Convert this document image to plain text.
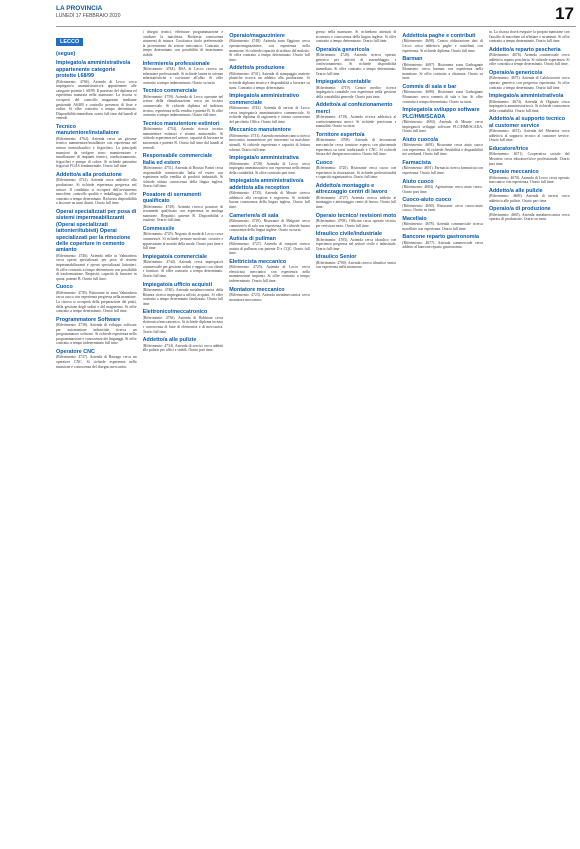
LA PROVINCIA
LUNEDÌ 17 FEBBRAIO 2020	17
LECCO
(segue)
Impiegato/a amministrativo/a appartenente categorie protette l.68/99

(Riferimento: 4766). Azienda di Lecco cerca impiegato/a amministrativo/a appartenente alle categorie protette l. 68/99. Il possesso del diploma ed esperienza maturata nella mansione. La risorsa si occupera' del controllo magazzino mediante gestionale AS400 e controllo presenza di fisse e ordini. Si offre contratto a tempo determinato. Disponibilità immediata; orario full time dal lunedì al venerdì.

Tecnico manutentore/installatore

(Riferimento: 4762). Azienda cerca un giovane tecnico manutentore/installatore con esperienza nel settore termoidraulico e frigorifero. La principali mansioni da svolgere sono: manutenzione e installazione di impianti termici, condizionamento, frigoriferi e pompe di calore. Si richiede patentino frigoristi FGAS fondamentale. Orario full time.

Addetto/a alla produzione

(Riferimento: 4752). Azienda cerca addetti/e alla produzione. Si richiede esperienza pregressa nel settore. Il candidato si occuperà dell'avviamento macchine, controllo qualità e imballaggio. Si offre contratto a tempo determinato. Richiesta disponibilità a lavorare su turni diurni. Orario full time.

Operai specializzati per posa di sistemi impermeabilizzanti (Operai specializzati lattonieri/tubisti) Operai specializzati per la rimozione delle coperture in cemento amianto

(Riferimento: 4746). Azienda edile in Valmadrera cerca operai specializzati per posa di sistemi impermeabilizzanti e operai specializzati lattonieri. Si offre contratto a tempo determinato con possibilità di trasformazione. Requisiti: capacità di lavorare in quota, patente B. Orario full time.

Cuoco

(Riferimento: 4739). Ristorante in zona Valmadrera cerca cuoco con esperienza pregressa nella mansione. La risorsa si occuperà della preparazione dei piatti, della gestione degli ordini e del magazzino. Si offre contratto a tempo determinato. Orario full time.

Programmatore Software

(Riferimento: 4738). Azienda di sviluppo software per automazione industriale ricerca un programmatore software. Si richiede esperienza nella programmazione e conoscenza dei linguaggi. Si offre contratto a tempo indeterminato full time.

Operatore CNC

(Riferimento: 4737). Azienda di Barzago cerca un operatore CNC. Si richiede esperienza nella mansione e conoscenza del disegno meccanico.

i disegni tecnici, effettuare programmazione e condurre la macchina. Richiesta conoscenza strumenti di misura. Costituisce titolo preferenziale la provenienza da settore meccanico. Contratto a tempo determinato con possibilità di inserimento stabile.

Infermiere/a professionale

(Riferimento: 4764). RSA di Lecco ricerca un infermiere professionale. Si richiede laurea in scienze infermieristiche e iscrizione all'albo. Si offre contratto a tempo indeterminato. Orario su turni.

Tecnico commerciale

(Riferimento: 4759). Azienda di Lecco operante nel settore della climatizzazione cerca un tecnico commerciale. Si richiede diploma ad indirizzo tecnico, esperienza nella vendita e patente B. Si offre contratto a tempo indeterminato. Orario full time.

Tecnico manutentore estintori

(Riferimento: 4754). Azienda ricerca tecnico manutentore estintori e sistemi antincendio. Si richiede esperienza nel settore, capacità di lavorare in autonomia e patente B. Orario full time dal lunedì al venerdì.

Responsabile commerciale Italia ed estero

(Riferimento: 4751). Azienda di Bosisio Parini cerca responsabile commerciale Italia ed estero con esperienza nella vendita di prodotti industriali. Si richiede ottima conoscenza della lingua inglese. Orario full time.

Posatore di serramenti qualificato

(Riferimento: 4749). Azienda ricerca posatore di serramenti qualificato con esperienza in analoga mansione. Requisiti: patente B. Disponibilità a trasferte. Orario full time.

Commessi/e

(Riferimento: 4745). Negozio di moda di Lecco cerca commessi/e. Si richiede persone motivate, creative e appassionate al mondo della moda. Orario part time e full time.

Impiegato/a commerciale

(Riferimento: 4744). Azienda cerca impiegato/a commerciale per gestione ordini e rapporti con clienti e fornitori. Si offre contratto a tempo determinato. Orario full time.

Impiegato/a ufficio acquisti

(Riferimento: 4740). Azienda metalmeccanica della Brianza ricerca impiegato/a ufficio acquisti. Si offre contratto a tempo determinato finalizzato. Orario full time.

Elettronico/meccatronico

(Riferimento: 4736). Azienda di Robbiate cerca elettronico/meccatronico. Si richiede diploma tecnico e conoscenza di base di elettronica e di meccanica. Orario full time.

Addetto/a alle pulizie

(Riferimento: 4734). Azienda di servizi cerca addetti alle pulizie per uffici e stabili. Orario part time.

Operaio/magazziniere

(Riferimento: 4748). Azienda zona Oggiono cerca operaio/magazziniere, con esperienza nella mansione. Si richiede capacità di utilizzo del muletto. Si offre contratto a tempo determinato. Orario full time.

Addetto/a produzione

(Riferimento: 4741). Azienda di stampaggio materie plastiche ricerca un addetto alla produzione. Si richiede diploma tecnico e disponibilità a lavorare su turni. Contratto a tempo determinato.

Impiegato/a amministrativo commerciale

(Riferimento: 4743). Azienda di servizi di Lecco cerca impiegato/a amministrativo commerciale. Si richiede diploma di ragioneria e ottima conoscenza del pacchetto Office. Orario full time.

Meccanico manutentore

(Riferimento: 4731). Azienda metalmeccanica ricerca meccanico manutentore per interventi su macchine utensili. Si richiede esperienza e capacità di lettura schemi. Orario full time.

Impiegata/o amministrativa

(Riferimento: 4728). Azienda di Lecco cerca impiegata amministrativa con esperienza nella tenuta della contabilità. Si offre contratto part time.

Impiegato/a amministrativo/a addetto/a alla reception

(Riferimento: 4735). Azienda di Merate ricerca addetto/a alla reception e segreteria. Si richiede buona conoscenza della lingua inglese. Orario full time.

Cameriere/a di sala

(Riferimento: 4729). Ristorante di Malgrate cerca cameriere/a di sala con esperienza. Si richiede buona conoscenza della lingua inglese. Orario su turni.

Autista di pullman

(Riferimento: 4727). Azienda di trasporti ricerca autista di pullman con patente D e CQC. Orario full time.

Elettricista meccanico

(Riferimento: 4725). Azienda di Lecco cerca elettricista meccanico con esperienza nella manutenzione impianti. Si offre contratto a tempo indeterminato. Orario full time.

Montatore meccanico

(Riferimento: 4723). Azienda metalmeccanica cerca montatore meccanico.

gresso nella mansione. Si richiedono attestati di sicurezza e conoscenza della lingua inglese. Si offre contratto a tempo determinato. Orario full time.

Operaio/a generico/a

(Riferimento: 4726). Azienda ricerca operaio generico per attività di assemblaggio e confezionamento. Si richiede disponibilità immediata. Si offre contratto a tempo determinato. Orario full time.

Impiegato/a contabile

(Riferimento: 4719). Centro medico ricerca impiegato/a contabile con esperienza nella gestione della contabilità generale. Orario part time.

Addetto/a al confezionamento merci

(Riferimento: 4718). Azienda ricerca addetto/a al confezionamento merci. Si richiede precisione e manualità. Orario su turni.

Tornitore esperto/a

(Riferimento: 4708). Azienda di lavorazioni meccaniche cerca tornitore esperto con pluriennale esperienza su torni tradizionali e CNC. Si richiede lettura del disegno meccanico. Orario full time.

Cuoco

(Riferimento: 4720). Ristorante cerca cuoco con esperienza in ristorazione. Si richiede professionalità e capacità organizzativa. Orario full time.

Addetto/a montaggio e attrezzaggio centri di lavoro

(Riferimento: 4727). Azienda ricerca addetto al montaggio e attrezzaggio centri di lavoro. Orario full time.

Operaio tecnico/ revisioni moto

(Riferimento: 4708). Officina cerca operaio tecnico per revisioni moto. Orario full time.

Idraulico civile/industriale

(Riferimento: 4705). Azienda cerca idraulico con esperienza pregressa nel settore civile e industriale. Orario full time.

Idraulico Senior

(Riferimento: 4700). Azienda ricerca idraulico senior con esperienza nella mansione.

Addetto/a paghe e contributi

(Riferimento: 4698). Centro elaborazione dati di Lecco cerca addetto/a paghe e contributi con esperienza. Si richiede diploma. Orario full time.

Barman

(Riferimento: 4697). Ristorante zona Garbagnate Monastero cerca barman con esperienza nella mansione. Si offre contratto a chiamata. Orario su turni.

Commis di sala e bar

(Riferimento: 4690). Ristorante zona Garbagnate Monastero cerca commis di sala e bar. Si offre contratto a tempo determinato. Orario su turni.

Impiegato/a sviluppo software PLC/HMI/SCADA

(Riferimento: 4694). Azienda di Merate cerca impiegato/a sviluppo software PLC/HMI/SCADA. Orario full time.

Aiuto cuoco/a

(Riferimento: 4693). Ristorante cerca aiuto cuoco con esperienza. Si richiede flessibilità e disponibilità nei weekend. Orario full time.

Farmacista

(Riferimento: 4691). Farmacia ricerca farmacista con esperienza. Orario full time.

Aiuto cuoco

(Riferimento: 4684). Agriturismo cerca aiuto cuoco. Orario part time.

Cuoco-aiuto cuoco

(Riferimento: 4690). Ristorante cerca cuoco-aiuto cuoco. Orario su turni.

Macellaio

(Riferimento: 4678). Azienda commerciale ricerca macellaio con esperienza. Orario full time.

Bancone reparto gastronomia

(Riferimento: 4677). Azienda commerciale cerca addetto al bancone reparto gastronomia.

tu. La risorsa dovrà eseguire la propria mansione con l'ausilio di macchine ad affettare e strumenti. Si offre contratto a tempo determinato. Orario full time.

Addetto/a reparto pescheria

(Riferimento: 4676). Azienda commerciale cerca addetto/a reparto pescheria. Si richiede esperienza. Si offre contratto a tempo determinato. Orario full time.

Operaio/a generico/a

(Riferimento: 4675). Azienda di Calolziocorte cerca operaio generico con pregressa esperienza. Si offre contratto a tempo determinato. Orario full time.

Impiegato/a amministrativo/a

(Riferimento: 4674). Azienda di Olginate cerca impiegato/a amministrativo/a. Si richiede conoscenza della contabilità. Orario full time.

Addetto/a al supporto tecnico al customer service

(Riferimento: 4672). Azienda del Meratese cerca addetto/a al supporto tecnico al customer service. Orario full time.

Educatore/trice

(Riferimento: 4671). Cooperativa sociale del Meratese cerca educatore/trice professionale. Orario part time.

Operaio meccanico

(Riferimento: 4670). Azienda di Lecco cerca operaio meccanico con esperienza. Orario full time.

Addetto/a alle pulizie

(Riferimento: 4669). Azienda di servizi cerca addetto/a alle pulizie. Orario part time.

Operaio/a di produzione

(Riferimento: 4665). Azienda metalmeccanica cerca operaio di produzione. Orario su turni.
